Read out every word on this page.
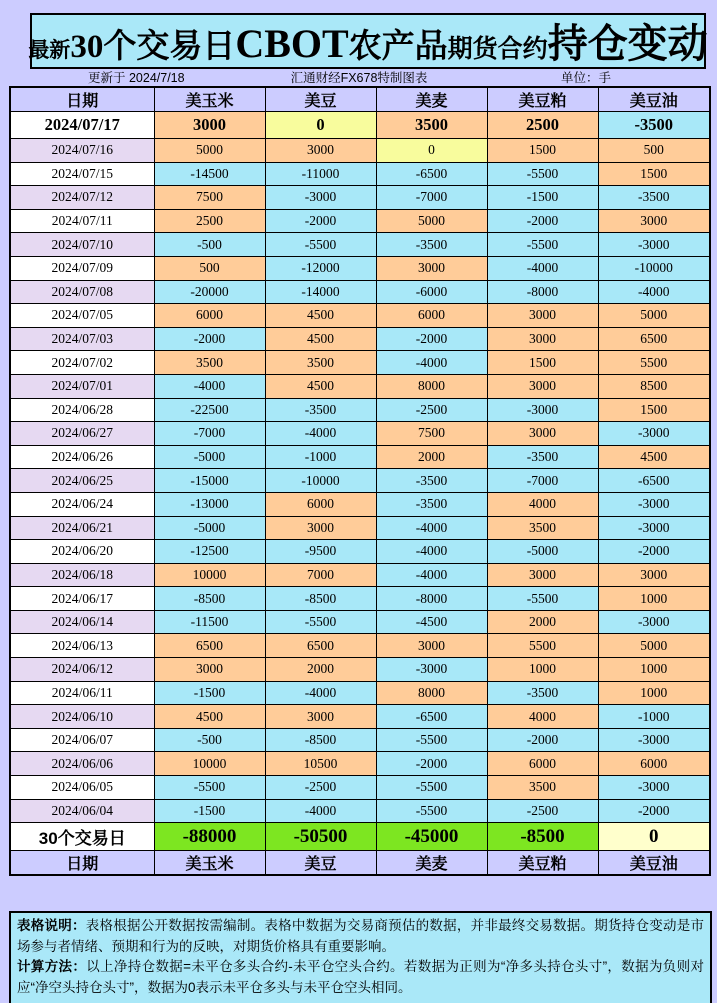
最新 30个交易日 CBOT 农产品 期货合约 持仓变动
更新于 2024/7/18	汇通财经FX678特制图表	单位：手
日期	美玉米	美豆	美麦	美豆粕	美豆油
2024/07/17	3000	0	3500	2500	-3500
2024/07/16	5000	3000	0	1500	500
2024/07/15	-14500	-11000	-6500	-5500	1500
2024/07/12	7500	-3000	-7000	-1500	-3500
2024/07/11	2500	-2000	5000	-2000	3000
2024/07/10	-500	-5500	-3500	-5500	-3000
2024/07/09	500	-12000	3000	-4000	-10000
2024/07/08	-20000	-14000	-6000	-8000	-4000
2024/07/05	6000	4500	6000	3000	5000
2024/07/03	-2000	4500	-2000	3000	6500
2024/07/02	3500	3500	-4000	1500	5500
2024/07/01	-4000	4500	8000	3000	8500
2024/06/28	-22500	-3500	-2500	-3000	1500
2024/06/27	-7000	-4000	7500	3000	-3000
2024/06/26	-5000	-1000	2000	-3500	4500
2024/06/25	-15000	-10000	-3500	-7000	-6500
2024/06/24	-13000	6000	-3500	4000	-3000
2024/06/21	-5000	3000	-4000	3500	-3000
2024/06/20	-12500	-9500	-4000	-5000	-2000
2024/06/18	10000	7000	-4000	3000	3000
2024/06/17	-8500	-8500	-8000	-5500	1000
2024/06/14	-11500	-5500	-4500	2000	-3000
2024/06/13	6500	6500	3000	5500	5000
2024/06/12	3000	2000	-3000	1000	1000
2024/06/11	-1500	-4000	8000	-3500	1000
2024/06/10	4500	3000	-6500	4000	-1000
2024/06/07	-500	-8500	-5500	-2000	-3000
2024/06/06	10000	10500	-2000	6000	6000
2024/06/05	-5500	-2500	-5500	3500	-3000
2024/06/04	-1500	-4000	-5500	-2500	-2000
30个交易日	-88000	-50500	-45000	-8500	0
日期	美玉米	美豆	美麦	美豆粕	美豆油
表格说明：表格根据公开数据按需编制。表格中数据为交易商预估的数据，并非最终交易数据。期货持仓变动是市场参与者情绪、预期和行为的反映，对期货价格具有重要影响。
计算方法：以上净持仓数据=未平仓多头合约-未平仓空头合约。若数据为正则为“净多头持仓头寸”，数据为负则对应“净空头持仓头寸”，数据为0表示未平仓多头与未平仓空头相同。
